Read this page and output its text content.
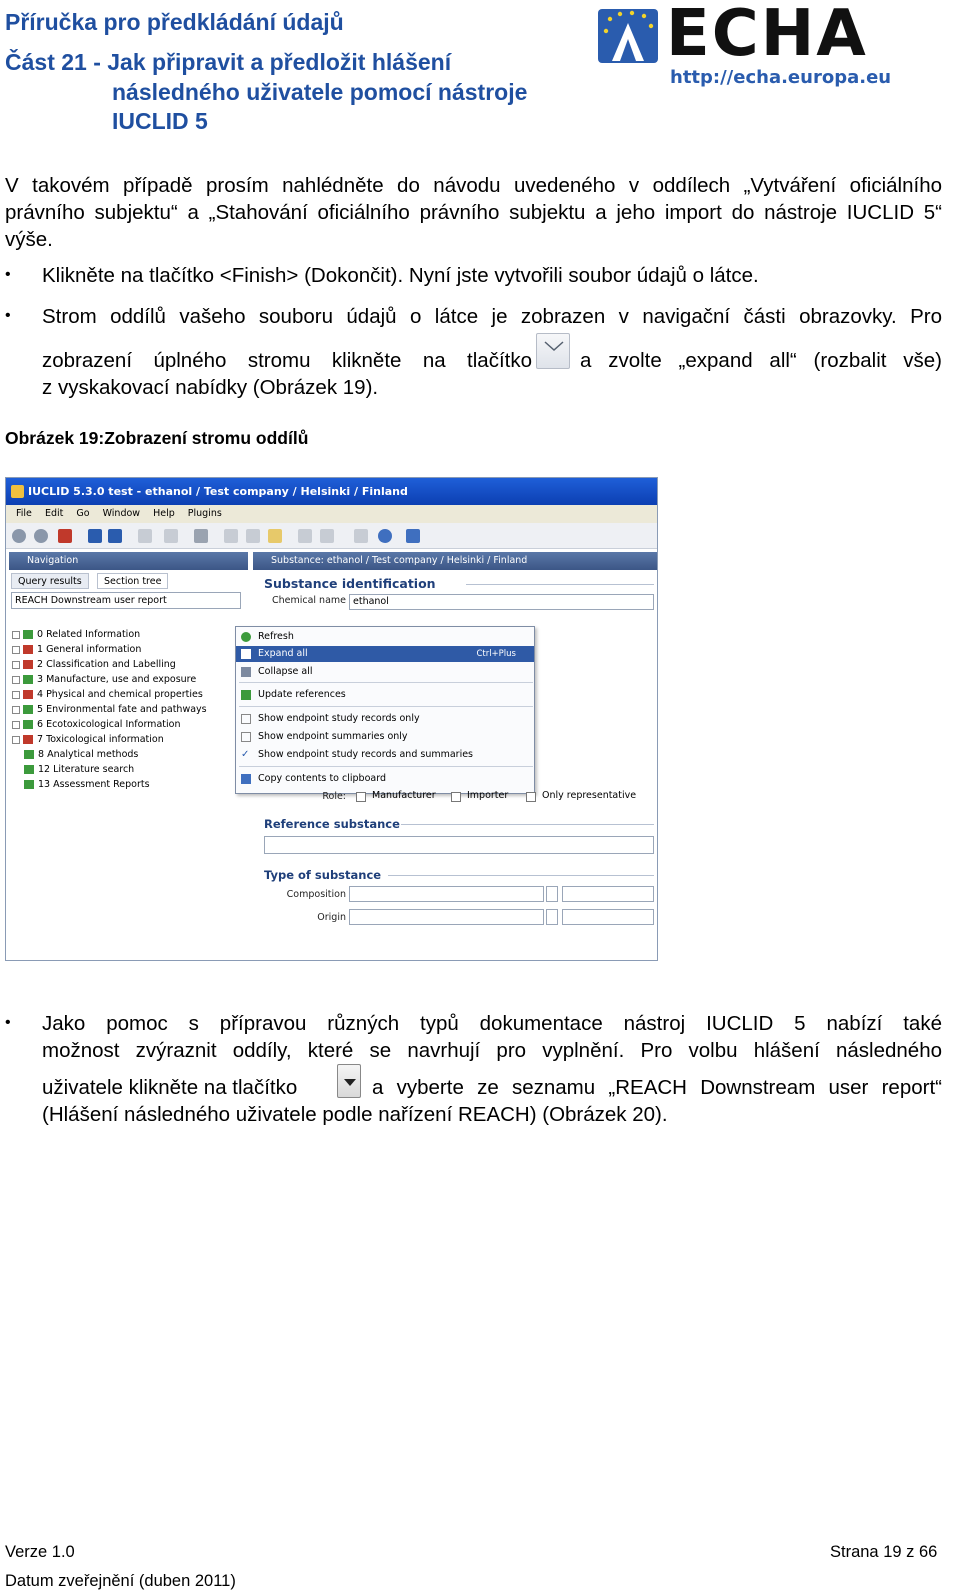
Příručka pro předkládání údajů
Část 21 - Jak připravit a předložit hlášení
následného uživatele pomocí nástroje
IUCLID 5
ECHA
http://echa.europa.eu
V takovém případě prosím nahlédněte do návodu uvedeného v oddílech „Vytváření oficiálního právního subjektu“ a „Stahování oficiálního právního subjektu a jeho import do nástroje IUCLID 5“ výše.
• Klikněte na tlačítko <Finish> (Dokončit). Nyní jste vytvořili soubor údajů o látce.
• Strom oddílů vašeho souboru údajů o látce je zobrazen v navigační části obrazovky. Pro
zobrazení úplného stromu klikněte na tlačítko a zvolte „expand all“ (rozbalit vše)
z vyskakovací nabídky (Obrázek 19).
Obrázek 19:Zobrazení stromu oddílů
IUCLID 5.3.0 test - ethanol / Test company / Helsinki / Finland
File Edit Go Window Help Plugins
Navigation	Substance: ethanol / Test company / Helsinki / Finland
Query results	Section tree
REACH Downstream user report
0 Related Information
1 General information
2 Classification and Labelling
3 Manufacture, use and exposure
4 Physical and chemical properties
5 Environmental fate and pathways
6 Ecotoxicological Information
7 Toxicological information
8 Analytical methods
12 Literature search
13 Assessment Reports
Substance identification
Chemical name ethanol
Refresh
Expand all	Ctrl+Plus
Collapse all
Update references
Show endpoint study records only
Show endpoint summaries only
✓ Show endpoint study records and summaries
Copy contents to clipboard
Role:	Manufacturer	Importer	Only representative
Reference substance
Type of substance
Composition
Origin
• Jako pomoc s přípravou různých typů dokumentace nástroj IUCLID 5 nabízí také
možnost zvýraznit oddíly, které se navrhují pro vyplnění. Pro volbu hlášení následného
uživatele klikněte na tlačítko	a vyberte ze seznamu „REACH Downstream user report“
(Hlášení následného uživatele podle nařízení REACH) (Obrázek 20).
Verze 1.0	Strana 19 z 66
Datum zveřejnění (duben 2011)
